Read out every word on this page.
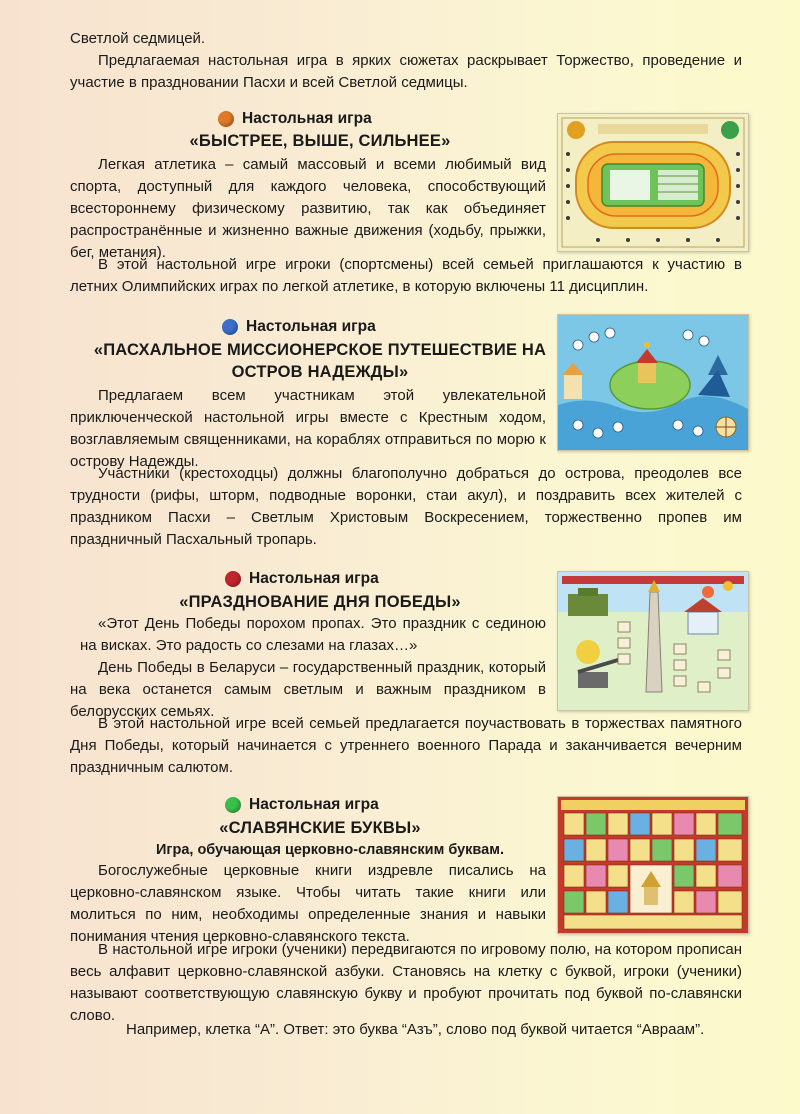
Светлой седмицей.

Предлагаемая настольная игра в ярких сюжетах раскрывает Торжество, проведение и участие в праздновании Пасхи и всей Светлой седмицы.

Настольная игра

«БЫСТРЕЕ, ВЫШЕ, СИЛЬНЕЕ»

Легкая атлетика – самый массовый и всеми любимый вид спорта, доступный для каждого человека, способствующий всестороннему физическому развитию, так как объединяет распространённые и жизненно важные движения (ходьбу, прыжки, бег, метания).

В этой настольной игре игроки (спортсмены) всей семьей приглашаются к участию в летних Олимпийских играх по легкой атлетике, в которую включены 11 дисциплин.

Настольная игра

«ПАСХАЛЬНОЕ МИССИОНЕРСКОЕ ПУТЕШЕСТВИЕ НА

ОСТРОВ НАДЕЖДЫ»

Предлагаем всем участникам этой увлекательной приключенческой настольной игры вместе с Крестным ходом, возглавляемым священниками, на кораблях отправиться по морю к острову Надежды.

Участники (крестоходцы) должны благополучно добраться до острова, преодолев все трудности (рифы, шторм, подводные воронки, стаи акул), и поздравить всех жителей с праздником Пасхи – Светлым Христовым Воскресением, торжественно пропев им праздничный Пасхальный тропарь.

Настольная игра

«ПРАЗДНОВАНИЕ ДНЯ ПОБЕДЫ»

«Этот День Победы порохом пропах. Это праздник с сединою на висках. Это радость со слезами на глазах…»

День Победы в Беларуси – государственный праздник, который на века останется самым светлым и важным праздником в белорусских семьях.

В этой настольной игре всей семьей предлагается поучаствовать в торжествах памятного Дня Победы, который начинается с утреннего военного Парада и заканчивается вечерним праздничным салютом.

Настольная игра

«СЛАВЯНСКИЕ БУКВЫ»

Игра, обучающая церковно-славянским буквам.

Богослужебные церковные книги издревле писались на церковно-славянском языке. Чтобы читать такие книги или молиться по ним, необходимы определенные знания и навыки понимания чтения церковно-славянского текста.

В настольной игре игроки (ученики) передвигаются по игровому полю, на котором прописан весь алфавит церковно-славянской азбуки. Становясь на клетку с буквой, игроки (ученики) называют соответствующую славянскую букву и пробуют прочитать под буквой по-славянски слово.

Например, клетка “А”. Ответ: это буква “Азъ”, слово под буквой читается “Авраам”.
